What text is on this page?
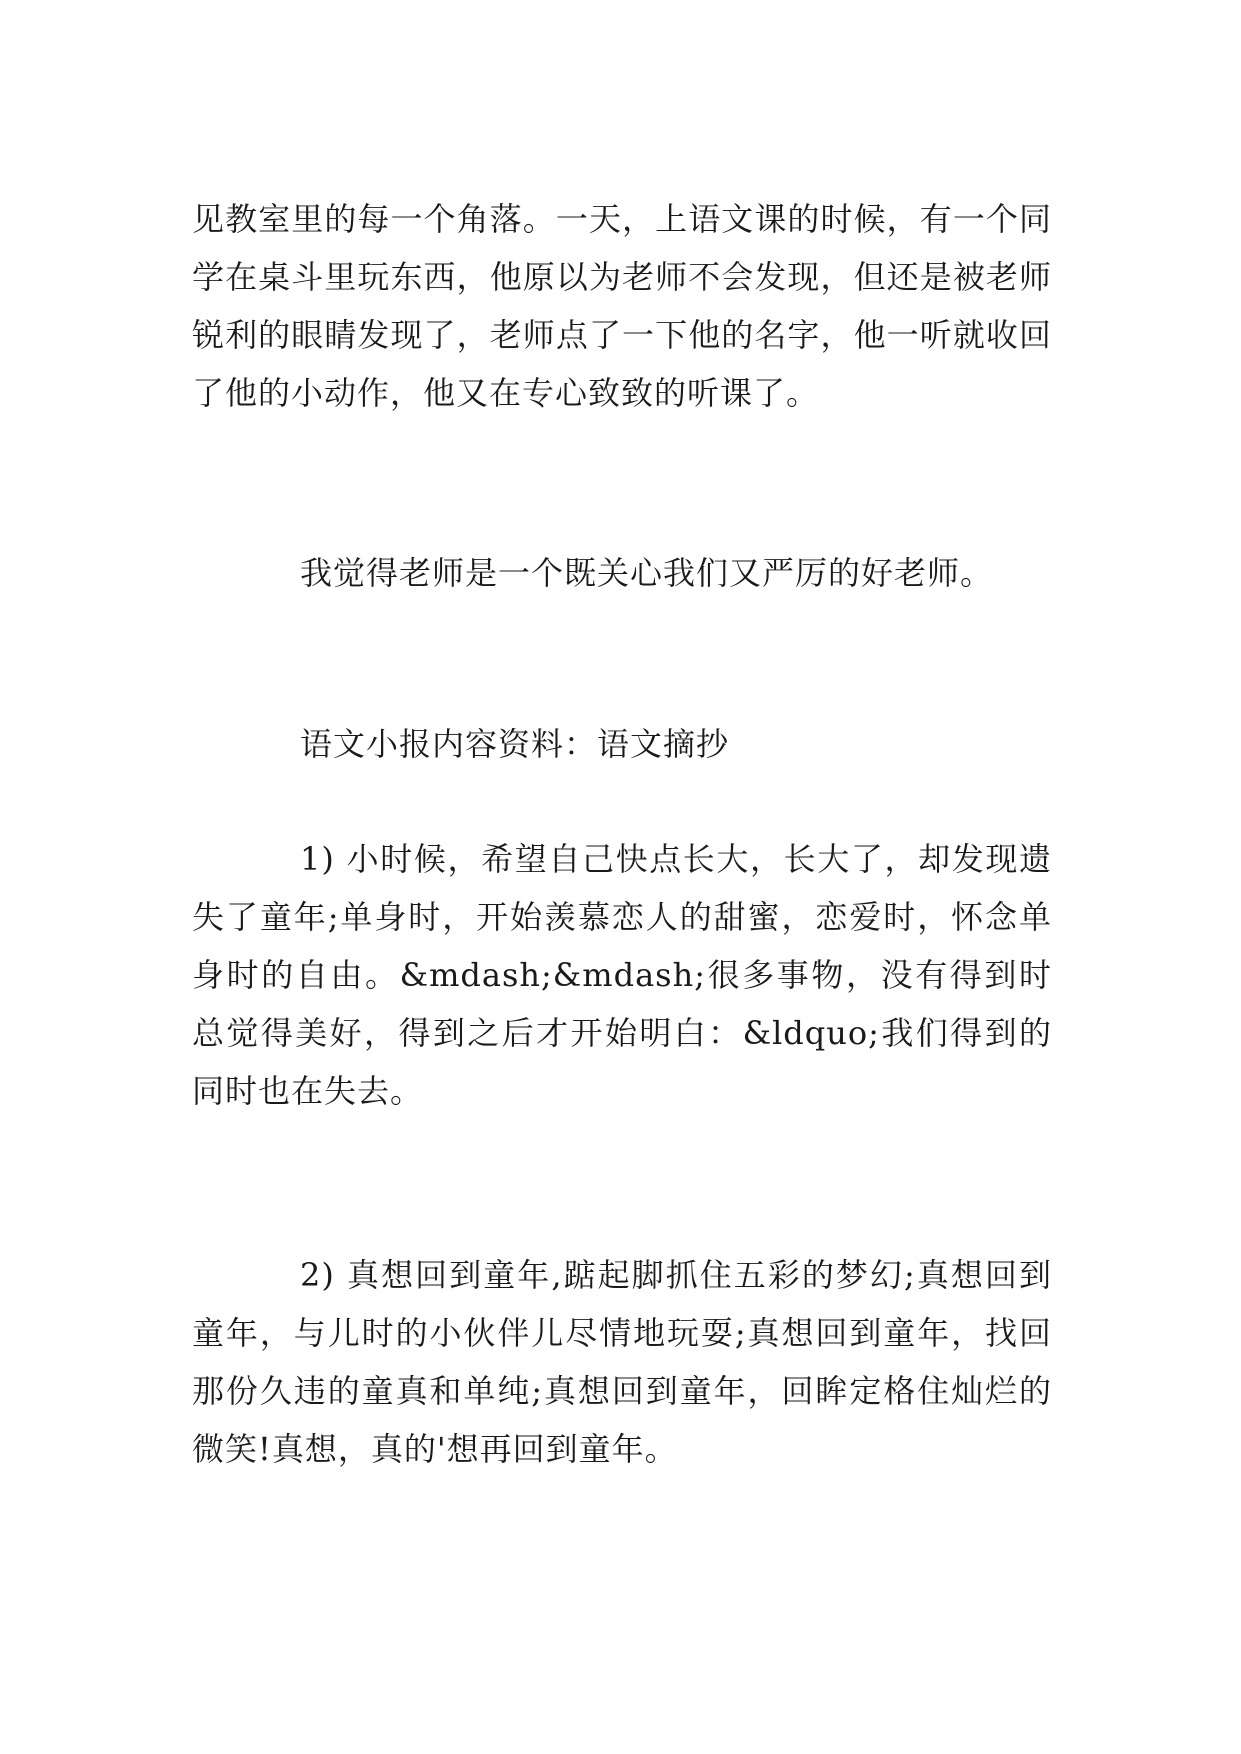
见教室里的每一个角落。一天，上语文课的时候，有一个同学在桌斗里玩东西，他原以为老师不会发现，但还是被老师锐利的眼睛发现了，老师点了一下他的名字，他一听就收回了他的小动作，他又在专心致致的听课了。

我觉得老师是一个既关心我们又严厉的好老师。

语文小报内容资料：语文摘抄

1) 小时候，希望自己快点长大，长大了，却发现遗失了童年;单身时，开始羡慕恋人的甜蜜，恋爱时，怀念单身时的自由。&mdash;&mdash;很多事物，没有得到时总觉得美好，得到之后才开始明白：&ldquo;我们得到的同时也在失去。

2) 真想回到童年,踮起脚抓住五彩的梦幻;真想回到童年，与儿时的小伙伴儿尽情地玩耍;真想回到童年，找回那份久违的童真和单纯;真想回到童年，回眸定格住灿烂的微笑!真想，真的'想再回到童年。
